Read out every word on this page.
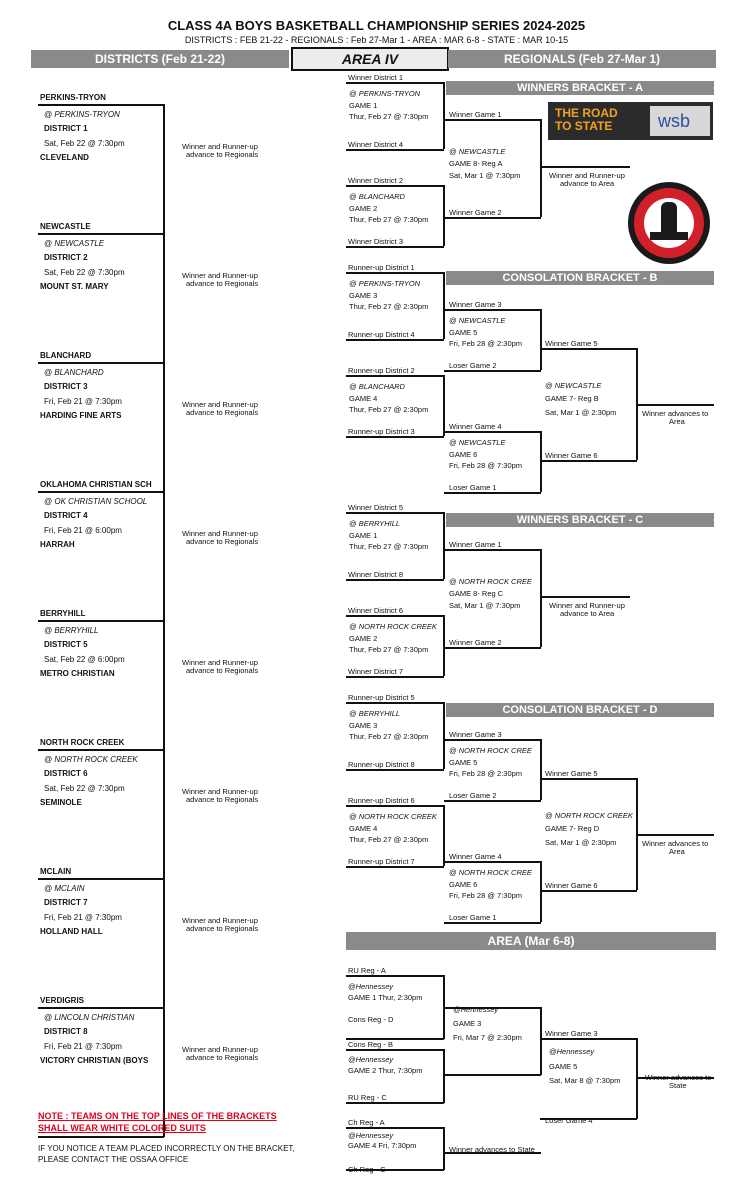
CLASS 4A BOYS BASKETBALL CHAMPIONSHIP SERIES 2024-2025
DISTRICTS : FEB 21-22 - REGIONALS : Feb 27-Mar 1 - AREA : MAR 6-8 - STATE : MAR 10-15
DISTRICTS (Feb 21-22)	AREA IV	REGIONALS (Feb 27-Mar 1)
THE ROAD
TO STATE	wsb
PERKINS-TRYON
@ PERKINS-TRYON
DISTRICT 1
Sat, Feb 22 @ 7:30pm
CLEVELAND
Winner and Runner-up
advance to Regionals
NEWCASTLE
@ NEWCASTLE
DISTRICT 2
Sat, Feb 22 @ 7:30pm
MOUNT ST. MARY
Winner and Runner-up
advance to Regionals
BLANCHARD
@ BLANCHARD
DISTRICT 3
Fri, Feb 21 @ 7:30pm
HARDING FINE ARTS
Winner and Runner-up
advance to Regionals
OKLAHOMA CHRISTIAN SCH
@ OK CHRISTIAN SCHOOL
DISTRICT 4
Fri, Feb 21 @ 6:00pm
HARRAH
Winner and Runner-up
advance to Regionals
BERRYHILL
@ BERRYHILL
DISTRICT 5
Sat, Feb 22 @ 6:00pm
METRO CHRISTIAN
Winner and Runner-up
advance to Regionals
NORTH ROCK CREEK
@ NORTH ROCK CREEK
DISTRICT 6
Sat, Feb 22 @ 7:30pm
SEMINOLE
Winner and Runner-up
advance to Regionals
MCLAIN
@ MCLAIN
DISTRICT 7
Fri, Feb 21 @ 7:30pm
HOLLAND HALL
Winner and Runner-up
advance to Regionals
VERDIGRIS
@ LINCOLN CHRISTIAN
DISTRICT 8
Fri, Feb 21 @ 7:30pm
VICTORY CHRISTIAN (BOYS
Winner and Runner-up
advance to Regionals
WINNERS BRACKET - A
CONSOLATION BRACKET - B
WINNERS BRACKET - C
CONSOLATION BRACKET - D
Winner District 1
Winner District 4
Winner District 2
Winner District 3
@ PERKINS-TRYON
GAME 1
Thur, Feb 27 @ 7:30pm
@ BLANCHARD
GAME 2
Thur, Feb 27 @ 7:30pm
Winner Game 1
Winner Game 2
@ NEWCASTLE
GAME 8- Reg A
Sat, Mar 1 @ 7:30pm	Winner and Runner-up
advance to Area
Runner-up District 1
Runner-up District 4
Runner-up District 2
Runner-up District 3
@ PERKINS-TRYON
GAME 3
Thur, Feb 27 @ 2:30pm
@ BLANCHARD
GAME 4
Thur, Feb 27 @ 2:30pm
Winner Game 3
@ NEWCASTLE
GAME 5
Fri, Feb 28 @ 2:30pm
Loser Game 2
Winner Game 4
@ NEWCASTLE
GAME 6
Fri, Feb 28 @ 7:30pm
Loser Game 1
Winner Game 5
Winner Game 6
@ NEWCASTLE
GAME 7- Reg B
Sat, Mar 1 @ 2:30pm	Winner advances to
Area
Winner District 5
Winner District 8
Winner District 6
Winner District 7
@ BERRYHILL
GAME 1
Thur, Feb 27 @ 7:30pm
@ NORTH ROCK CREEK
GAME 2
Thur, Feb 27 @ 7:30pm
Winner Game 1
Winner Game 2
@ NORTH ROCK CREE
GAME 8- Reg C
Sat, Mar 1 @ 7:30pm	Winner and Runner-up
advance to Area
Runner-up District 5
Runner-up District 8
Runner-up District 6
Runner-up District 7
@ BERRYHILL
GAME 3
Thur, Feb 27 @ 2:30pm
@ NORTH ROCK CREEK
GAME 4
Thur, Feb 27 @ 2:30pm
Winner Game 3
@ NORTH ROCK CREE
GAME 5
Fri, Feb 28 @ 2:30pm
Loser Game 2
Winner Game 4
@ NORTH ROCK CREE
GAME 6
Fri, Feb 28 @ 7:30pm
Loser Game 1
Winner Game 5
Winner Game 6
@ NORTH ROCK CREEK
GAME 7- Reg D
Sat, Mar 1 @ 2:30pm	Winner advances to
Area
AREA (Mar 6-8)
RU Reg - A
@Hennessey
GAME 1 Thur, 2:30pm
Cons Reg - D
Cons Reg - B
@Hennessey
GAME 2 Thur, 7:30pm
RU Reg - C
@Hennessey
GAME 3
Fri, Mar 7 @ 2:30pm	Winner Game 3
@Hennessey
GAME 5
Sat, Mar 8 @ 7:30pm
Loser Game 4
Winner advances to
State
Ch Reg - A
@Hennessey
GAME 4 Fri, 7:30pm
Ch Reg - C
Winner advances to State
NOTE : TEAMS ON THE TOP LINES OF THE BRACKETS
SHALL WEAR WHITE COLORED SUITS
IF YOU NOTICE A TEAM PLACED INCORRECTLY ON THE BRACKET,
PLEASE CONTACT THE OSSAA OFFICE
